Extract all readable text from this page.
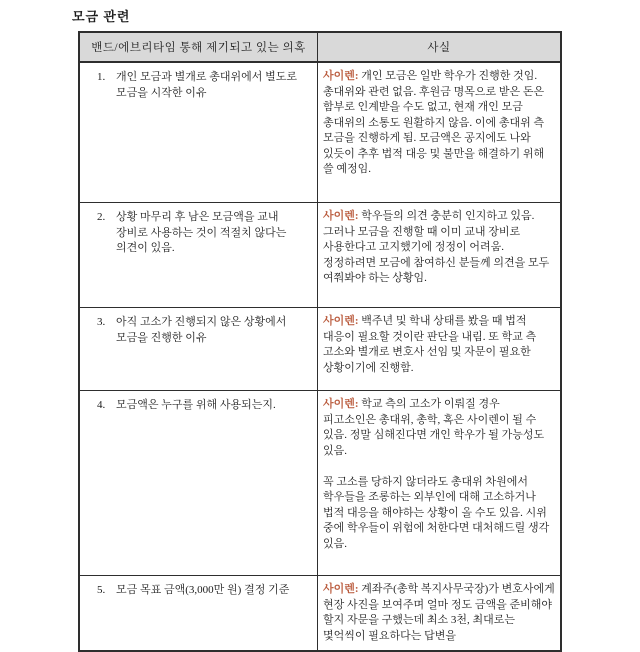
모금 관련
밴드/에브리타임 통해 제기되고 있는 의혹	사실
1. 개인 모금과 별개로 총대위에서 별도로 모금을 시작한 이유

사이렌: 개인 모금은 일반 학우가 진행한 것임. 총대위와 관련 없음. 후원금 명목으로 받은 돈은 함부로 인계받을 수도 없고, 현재 개인 모금 총대위의 소통도 원활하지 않음. 이에 총대위 측 모금을 진행하게 됨. 모금액은 공지에도 나와 있듯이 추후 법적 대응 및 불만을 해결하기 위해 쓸 예정임.

2. 상황 마무리 후 남은 모금액을 교내 장비로 사용하는 것이 적절치 않다는 의견이 있음.

사이렌: 학우들의 의견 충분히 인지하고 있음. 그러나 모금을 진행할 때 이미 교내 장비로 사용한다고 고지했기에 정정이 어려움. 정정하려면 모금에 참여하신 분들께 의견을 모두 여쭤봐야 하는 상황임.

3. 아직 고소가 진행되지 않은 상황에서 모금을 진행한 이유

사이렌: 백주년 및 학내 상태를 봤을 때 법적 대응이 필요할 것이란 판단을 내림. 또 학교 측 고소와 별개로 변호사 선임 및 자문이 필요한 상황이기에 진행함.

4. 모금액은 누구를 위해 사용되는지.	사이렌: 학교 측의 고소가 이뤄질 경우 피고소인은 총대위, 총학, 혹은 사이렌이 될 수 있음. 정말 심해진다면 개인 학우가 될 가능성도 있음.

꼭 고소를 당하지 않더라도 총대위 차원에서 학우들을 조롱하는 외부인에 대해 고소하거나 법적 대응을 해야하는 상황이 올 수도 있음. 시위 중에 학우들이 위험에 처한다면 대처해드릴 생각 있음.

5. 모금 목표 금액(3,000만 원) 결정 기준	사이렌: 계좌주(총학 복지사무국장)가 변호사에게 현장 사진을 보여주며 얼마 정도 금액을 준비해야 할지 자문을 구했는데 최소 3천, 최대로는 몇억씩이 필요하다는 답변을
